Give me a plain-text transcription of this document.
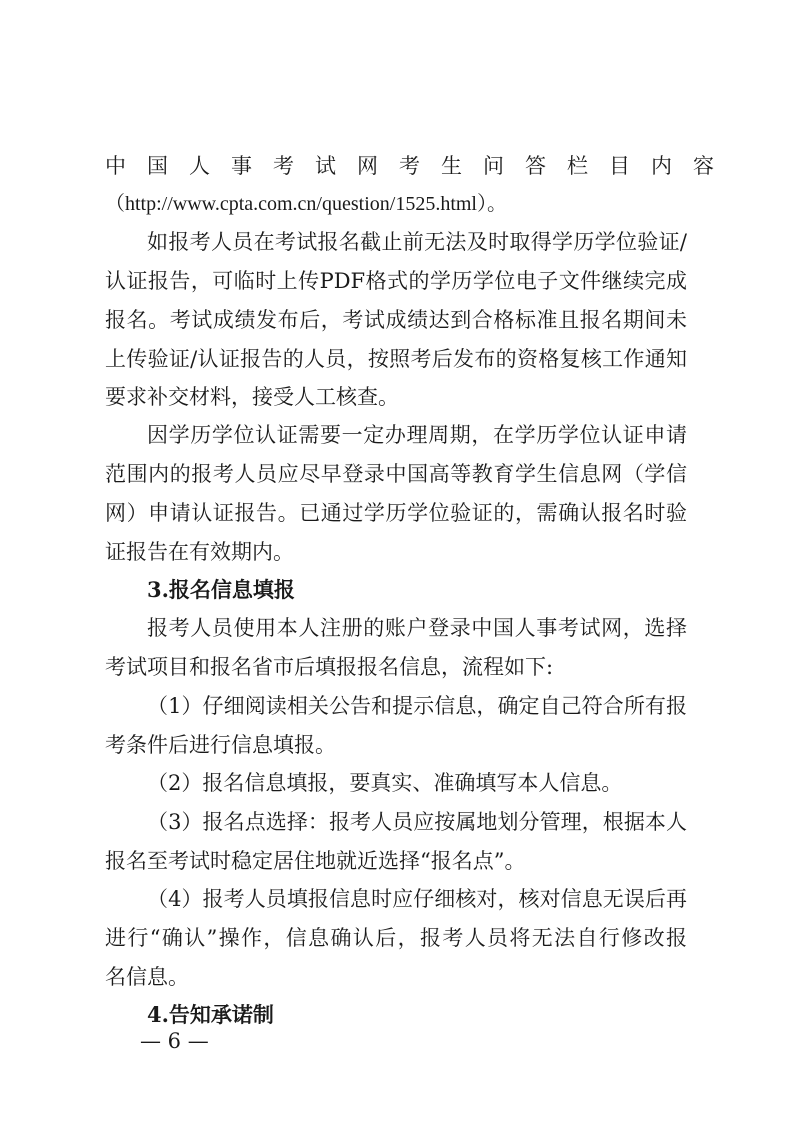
中国人事考试网考生问答栏目内容
（http://www.cpta.com.cn/question/1525.html）。
如报考人员在考试报名截止前无法及时取得学历学位验证/
认证报告，可临时上传PDF格式的学历学位电子文件继续完成
报名。考试成绩发布后，考试成绩达到合格标准且报名期间未
上传验证/认证报告的人员，按照考后发布的资格复核工作通知
要求补交材料，接受人工核查。
因学历学位认证需要一定办理周期，在学历学位认证申请
范围内的报考人员应尽早登录中国高等教育学生信息网（学信
网）申请认证报告。已通过学历学位验证的，需确认报名时验
证报告在有效期内。
3.报名信息填报
报考人员使用本人注册的账户登录中国人事考试网，选择
考试项目和报名省市后填报报名信息，流程如下:
（1）仔细阅读相关公告和提示信息，确定自己符合所有报
考条件后进行信息填报。
（2）报名信息填报，要真实、准确填写本人信息。
（3）报名点选择：报考人员应按属地划分管理，根据本人
报名至考试时稳定居住地就近选择“报名点”。
（4）报考人员填报信息时应仔细核对，核对信息无误后再
进行“确认”操作，信息确认后，报考人员将无法自行修改报
名信息。
4.告知承诺制
— 6 —
